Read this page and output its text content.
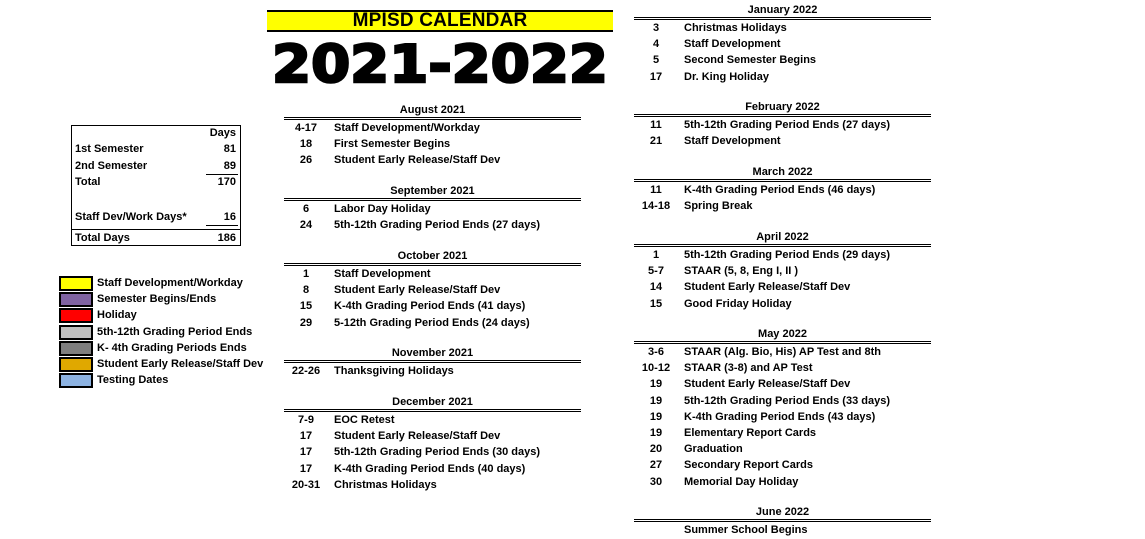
MPISD CALENDAR
2021-2022
Days
1st Semester	81
2nd Semester	89
Total	170
Staff Dev/Work Days*	16
Total Days	186
Staff Development/Workday
Semester Begins/Ends
Holiday
5th-12th Grading Period Ends
K- 4th Grading Periods Ends
Student Early Release/Staff Dev
Testing Dates
August 2021
4-17	Staff Development/Workday
18	First Semester Begins
26	Student Early Release/Staff Dev
September 2021
6	Labor Day Holiday
24	5th-12th Grading Period Ends (27 days)
October 2021
1	Staff Development
8	Student Early Release/Staff Dev
15	K-4th Grading Period Ends (41 days)
29	5-12th Grading Period Ends (24 days)
November 2021
22-26	Thanksgiving Holidays
December 2021
7-9	EOC Retest
17	Student Early Release/Staff Dev
17	5th-12th Grading Period Ends (30 days)
17	K-4th Grading Period Ends (40 days)
20-31	Christmas Holidays
January 2022
3	Christmas Holidays
4	Staff Development
5	Second Semester Begins
17	Dr. King Holiday
February 2022
11	5th-12th Grading Period Ends (27 days)
21	Staff Development
March 2022
11	K-4th Grading Period Ends (46 days)
14-18	Spring Break
April 2022
1	5th-12th Grading Period Ends (29 days)
5-7	STAAR (5, 8, Eng I, II )
14	Student Early Release/Staff Dev
15	Good Friday Holiday
May 2022
3-6	STAAR (Alg. Bio, His) AP Test and 8th
10-12	STAAR (3-8) and AP Test
19	Student Early Release/Staff Dev
19	5th-12th Grading Period Ends (33 days)
19	K-4th Grading Period Ends (43 days)
19	Elementary Report Cards
20	Graduation
27	Secondary Report Cards
30	Memorial Day Holiday
June 2022
Summer School Begins
